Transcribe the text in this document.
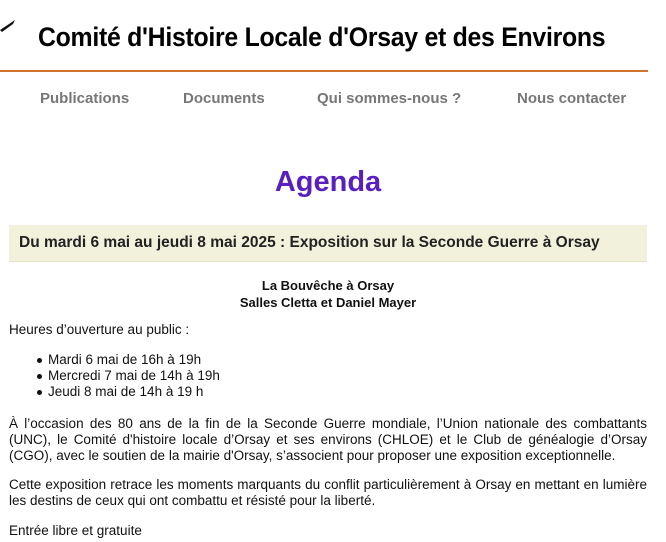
Comité d'Histoire Locale d'Orsay et des Environs
Publications	Documents	Qui sommes-nous ?	Nous contacter
Agenda
Du mardi 6 mai au jeudi 8 mai 2025 : Exposition sur la Seconde Guerre à Orsay
La Bouvêche à Orsay
Salles Cletta et Daniel Mayer

Heures d’ouverture au public :

Mardi 6 mai de 16h à 19h
Mercredi 7 mai de 14h à 19h
Jeudi 8 mai de 14h à 19 h

À l’occasion des 80 ans de la fin de la Seconde Guerre mondiale, l’Union nationale des combattants (UNC), le Comité d'histoire locale d’Orsay et ses environs (CHLOE) et le Club de généalogie d’Orsay (CGO), avec le soutien de la mairie d'Orsay, s’associent pour proposer une exposition exceptionnelle.

Cette exposition retrace les moments marquants du conflit particulièrement à Orsay en mettant en lumière les destins de ceux qui ont combattu et résisté pour la liberté.

Entrée libre et gratuite
